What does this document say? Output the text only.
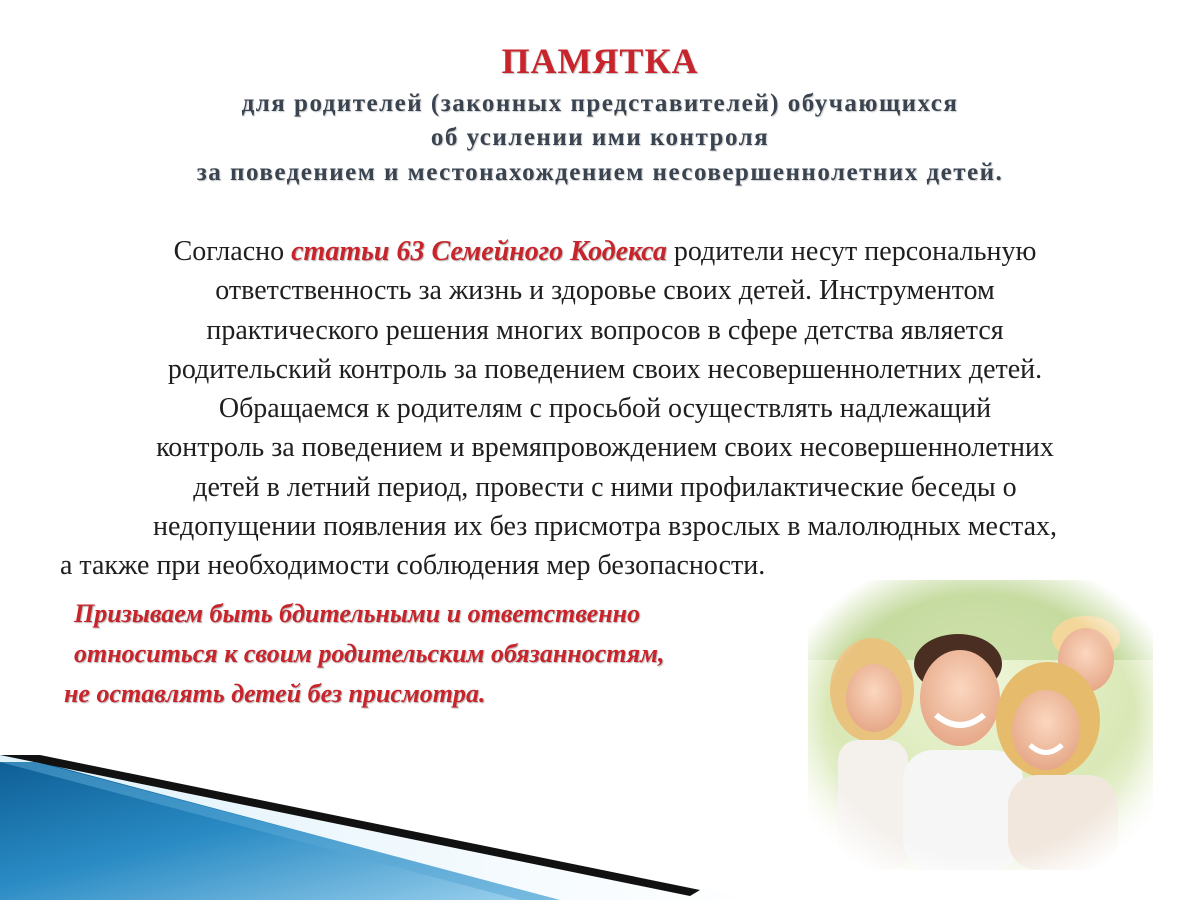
ПАМЯТКА
для родителей (законных представителей) обучающихся
об усилении ими контроля
за поведением и местонахождением несовершеннолетних детей.
Согласно статьи 63 Семейного Кодекса родители несут персональную
ответственность за жизнь и здоровье своих детей. Инструментом
практического решения многих вопросов в сфере детства является
родительский контроль за поведением своих несовершеннолетних детей.
Обращаемся к родителям с просьбой осуществлять надлежащий
контроль за поведением и времяпровождением своих несовершеннолетних
детей в летний период, провести с ними профилактические беседы о
недопущении появления их без присмотра взрослых в малолюдных местах,
а также при необходимости соблюдения мер безопасности.
Призываем быть бдительными и ответственно
относиться к своим родительским обязанностям,
не оставлять детей без присмотра.
